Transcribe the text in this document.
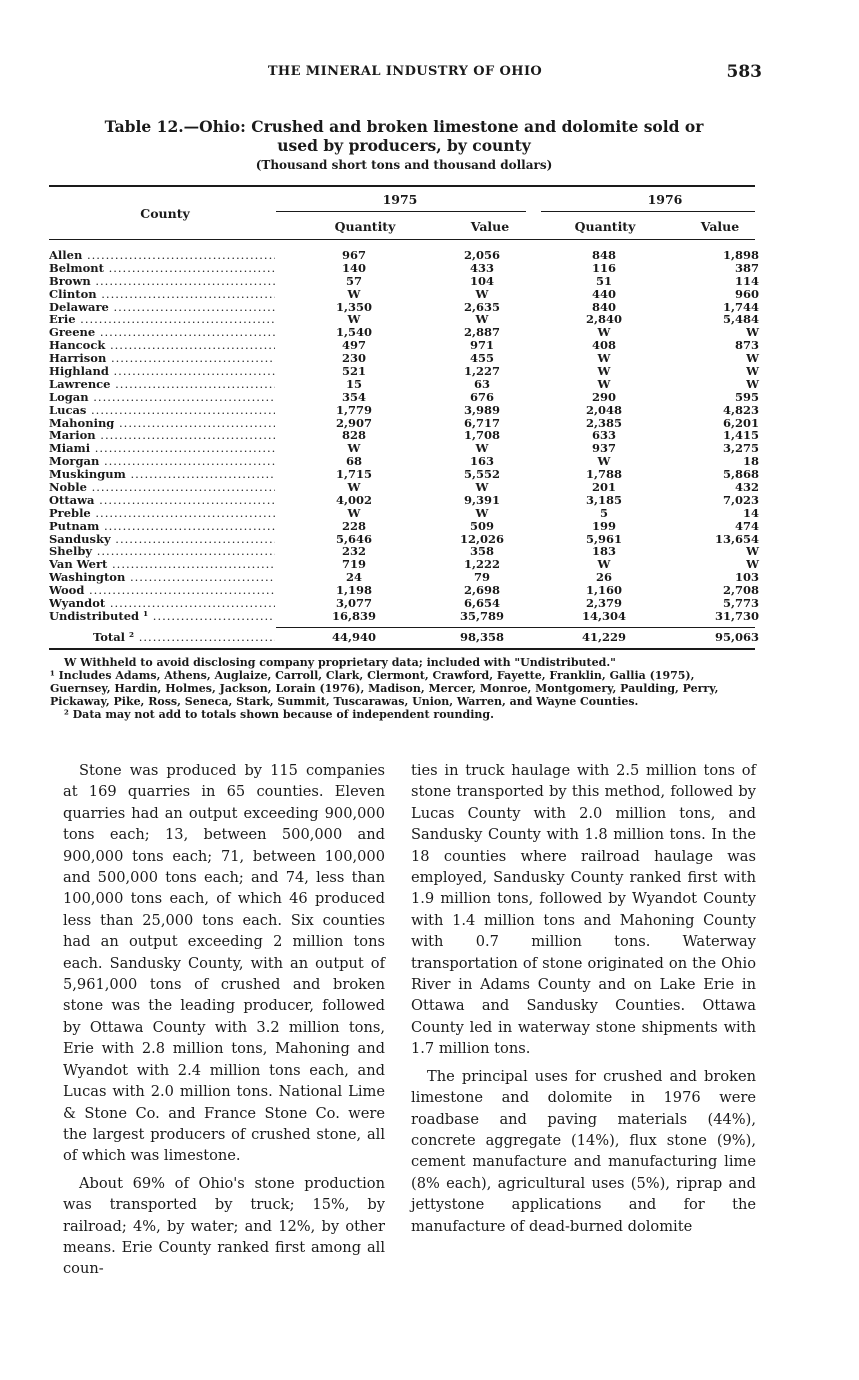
THE MINERAL INDUSTRY OF OHIO	583
Table 12.—Ohio: Crushed and broken limestone and dolomite sold or
used by producers, by county
(Thousand short tons and thousand dollars)
County
1975	1976
Quantity	Value	Quantity	Value
Allen .....	967	2,056	848	1,898
Belmont .....	140	433	116	387
Brown .....	57	104	51	114
Clinton .....	W	W	440	960
Delaware .....	1,350	2,635	840	1,744
Erie .....	W	W	2,840	5,484
Greene .....	1,540	2,887	W	W
Hancock .....	497	971	408	873
Harrison .....	230	455	W	W
Highland .....	521	1,227	W	W
Lawrence .....	15	63	W	W
Logan .....	354	676	290	595
Lucas .....	1,779	3,989	2,048	4,823
Mahoning .....	2,907	6,717	2,385	6,201
Marion .....	828	1,708	633	1,415
Miami .....	W	W	937	3,275
Morgan .....	68	163	W	18
Muskingum .....	1,715	5,552	1,788	5,868
Noble .....	W	W	201	432
Ottawa .....	4,002	9,391	3,185	7,023
Preble .....	W	W	5	14
Putnam .....	228	509	199	474
Sandusky .....	5,646	12,026	5,961	13,654
Shelby .....	232	358	183	W
Van Wert .....	719	1,222	W	W
Washington .....	24	79	26	103
Wood .....	1,198	2,698	1,160	2,708
Wyandot .....	3,077	6,654	2,379	5,773
Undistributed ¹ .....	16,839	35,789	14,304	31,730
Total ² .....	44,940	98,358	41,229	95,063

W Withheld to avoid disclosing company proprietary data; included with "Undistributed."

¹ Includes Adams, Athens, Auglaize, Carroll, Clark, Clermont, Crawford, Fayette, Franklin, Gallia (1975), Guernsey, Hardin, Holmes, Jackson, Lorain (1976), Madison, Mercer, Monroe, Montgomery, Paulding, Perry, Pickaway, Pike, Ross, Seneca, Stark, Summit, Tuscarawas, Union, Warren, and Wayne Counties.

² Data may not add to totals shown because of independent rounding.

Stone was produced by 115 companies at 169 quarries in 65 counties. Eleven quarries had an output exceeding 900,000 tons each; 13, between 500,000 and 900,000 tons each; 71, between 100,000 and 500,000 tons each; and 74, less than 100,000 tons each, of which 46 produced less than 25,000 tons each. Six counties had an output exceeding 2 million tons each. Sandusky County, with an output of 5,961,000 tons of crushed and broken stone was the leading producer, followed by Ottawa County with 3.2 million tons, Erie with 2.8 million tons, Mahoning and Wyandot with 2.4 million tons each, and Lucas with 2.0 million tons. National Lime & Stone Co. and France Stone Co. were the largest producers of crushed stone, all of which was limestone.

About 69% of Ohio's stone production was transported by truck; 15%, by railroad; 4%, by water; and 12%, by other means. Erie County ranked first among all coun-

ties in truck haulage with 2.5 million tons of stone transported by this method, followed by Lucas County with 2.0 million tons, and Sandusky County with 1.8 million tons. In the 18 counties where railroad haulage was employed, Sandusky County ranked first with 1.9 million tons, followed by Wyandot County with 1.4 million tons and Mahoning County with 0.7 million tons. Waterway transportation of stone originated on the Ohio River in Adams County and on Lake Erie in Ottawa and Sandusky Counties. Ottawa County led in waterway stone shipments with 1.7 million tons.

The principal uses for crushed and broken limestone and dolomite in 1976 were roadbase and paving materials (44%), concrete aggregate (14%), flux stone (9%), cement manufacture and manufacturing lime (8% each), agricultural uses (5%), riprap and jettystone applications and for the manufacture of dead-burned dolomite
